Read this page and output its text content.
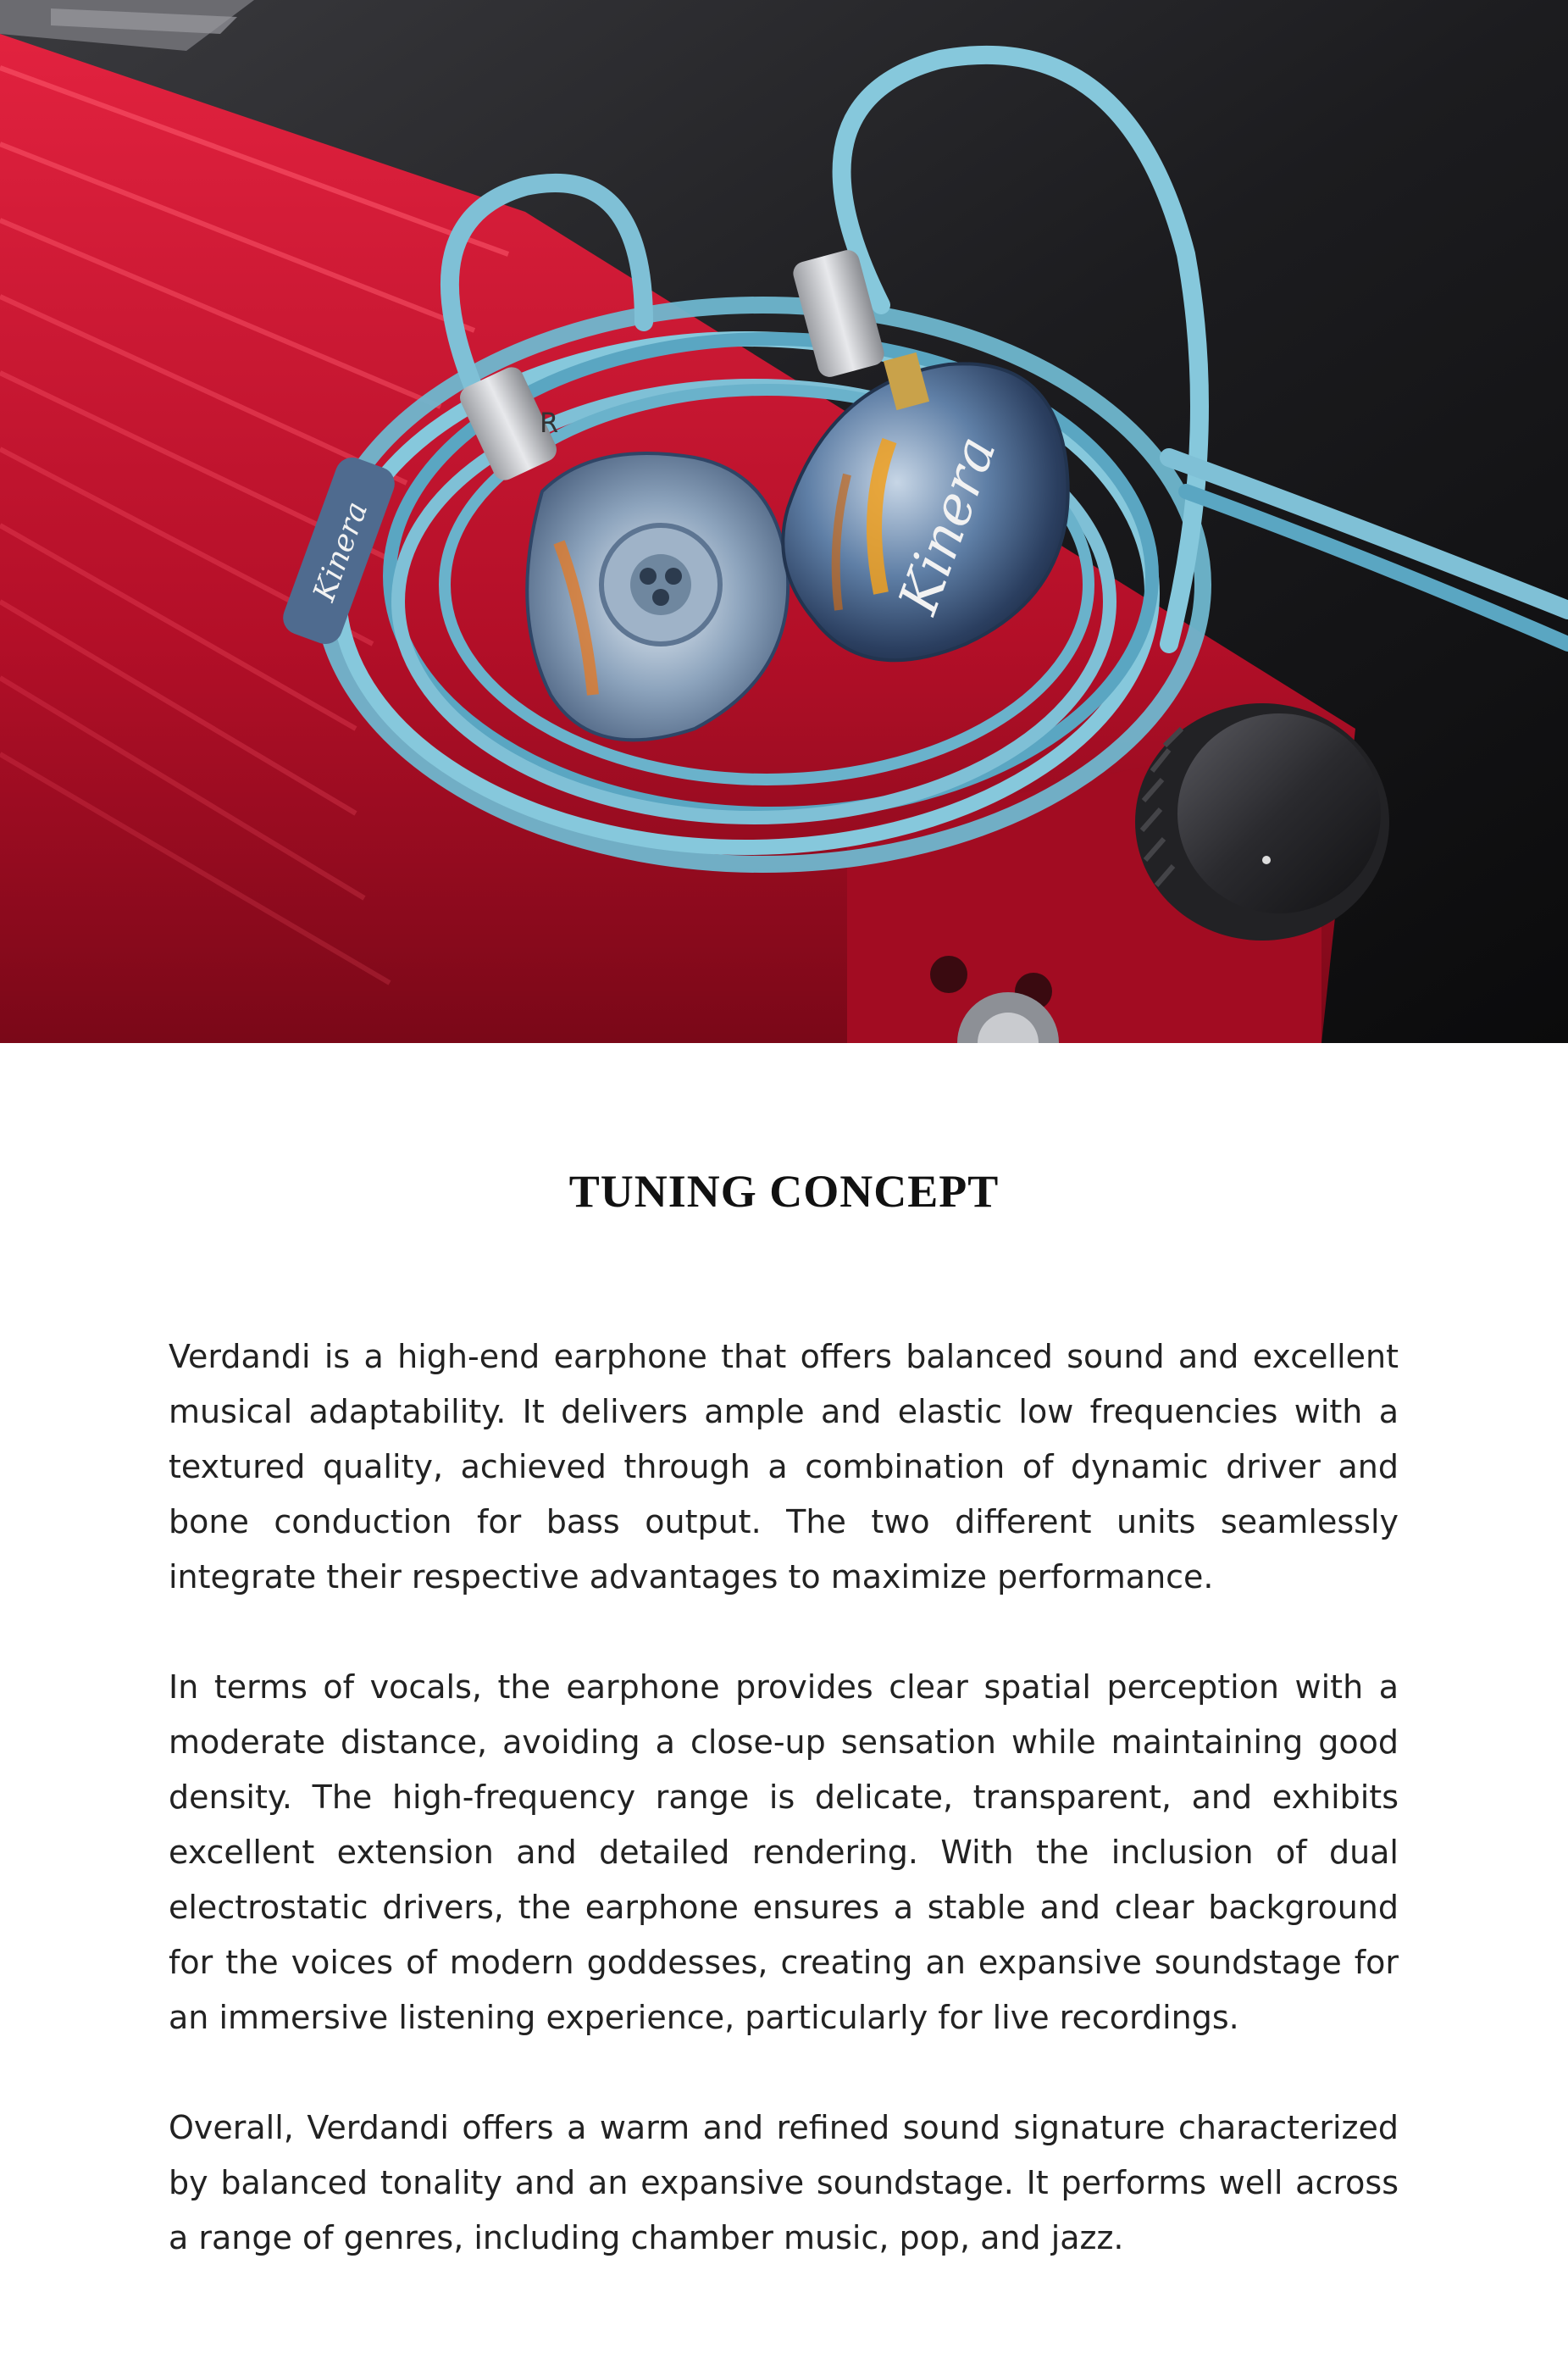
Kinera
R
Kinera
TUNING CONCEPT

Verdandi is a high-end earphone that offers balanced sound and excellent musical adaptability. It delivers ample and elastic low frequencies with a textured quality, achieved through a combination of dynamic driver and bone conduction for bass output. The two different units seamlessly integrate their respective advantages to maximize performance.

In terms of vocals, the earphone provides clear spatial perception with a moderate distance, avoiding a close-up sensation while maintaining good density. The high-frequency range is delicate, transparent, and exhibits excellent extension and detailed rendering. With the inclusion of dual electrostatic drivers, the earphone ensures a stable and clear background for the voices of modern goddesses, creating an expansive soundstage for an immersive listening experience, particularly for live recordings.

Overall, Verdandi offers a warm and refined sound signature characterized by balanced tonality and an expansive soundstage. It performs well across a range of genres, including chamber music, pop, and jazz.
